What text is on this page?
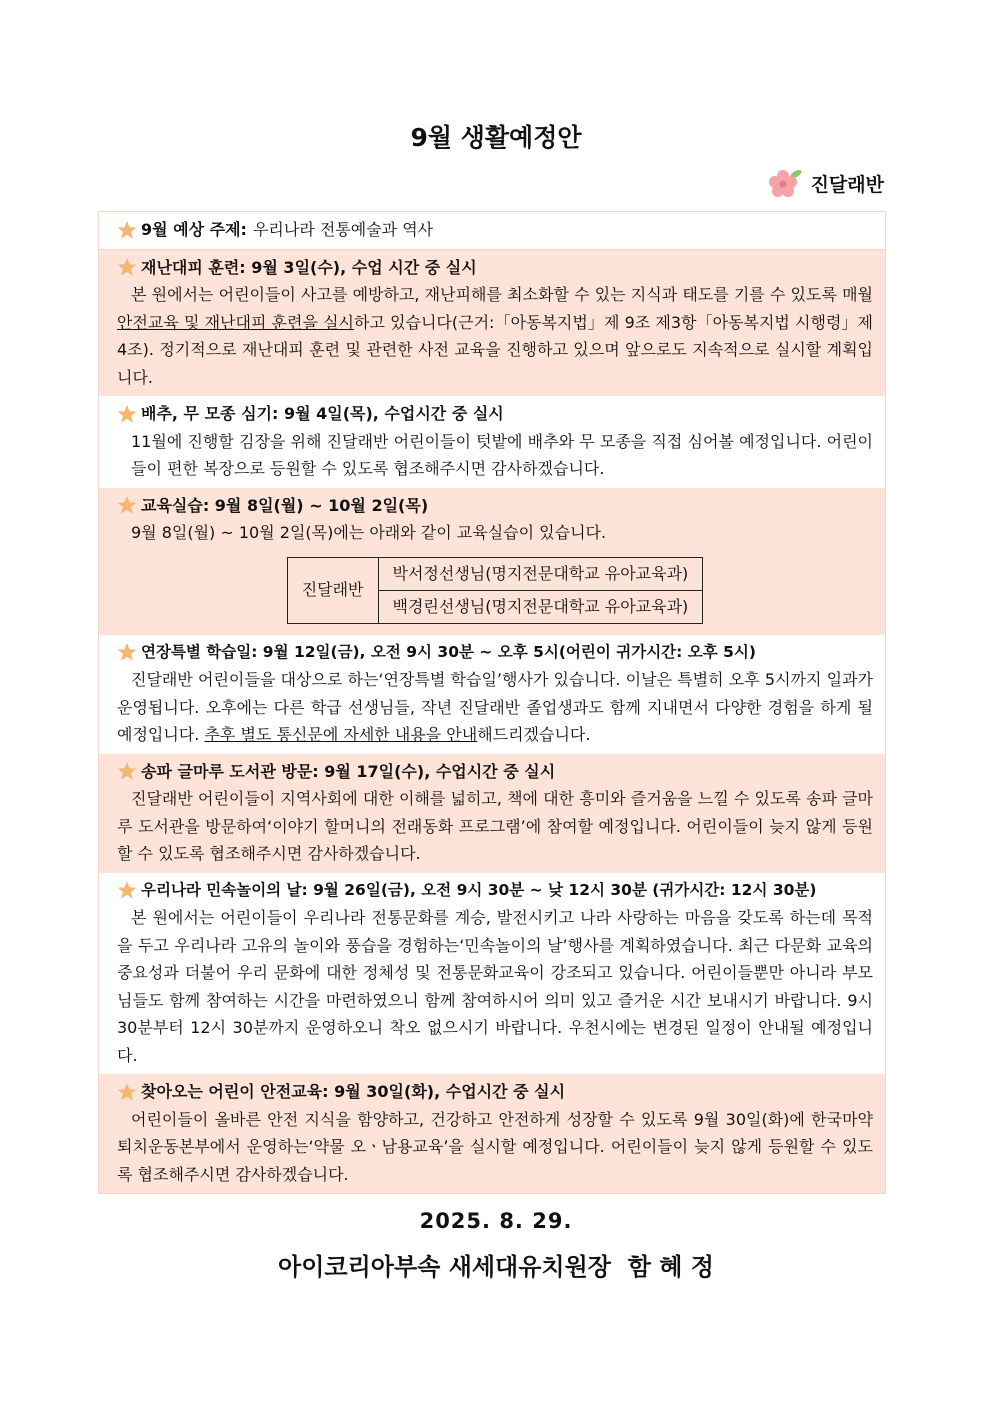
9월 생활예정안
진달래반
9월 예상 주제: 우리나라 전통예술과 역사
재난대피 훈련: 9월 3일(수), 수업 시간 중 실시
본 원에서는 어린이들이 사고를 예방하고, 재난피해를 최소화할 수 있는 지식과 태도를 기를 수 있도록 매월 안전교육 및 재난대피 훈련을 실시하고 있습니다(근거:「아동복지법」제 9조 제3항「아동복지법 시행령」제4조). 정기적으로 재난대피 훈련 및 관련한 사전 교육을 진행하고 있으며 앞으로도 지속적으로 실시할 계획입니다.
배추, 무 모종 심기: 9월 4일(목), 수업시간 중 실시
11월에 진행할 김장을 위해 진달래반 어린이들이 텃밭에 배추와 무 모종을 직접 심어볼 예정입니다. 어린이들이 편한 복장으로 등원할 수 있도록 협조해주시면 감사하겠습니다.
교육실습: 9월 8일(월) ~ 10월 2일(목)
9월 8일(월) ~ 10월 2일(목)에는 아래와 같이 교육실습이 있습니다.
진달래반	박서정선생님(명지전문대학교 유아교육과)
백경린선생님(명지전문대학교 유아교육과)
연장특별 학습일: 9월 12일(금), 오전 9시 30분 ~ 오후 5시(어린이 귀가시간: 오후 5시)
진달래반 어린이들을 대상으로 하는‘연장특별 학습일’행사가 있습니다. 이날은 특별히 오후 5시까지 일과가 운영됩니다. 오후에는 다른 학급 선생님들, 작년 진달래반 졸업생과도 함께 지내면서 다양한 경험을 하게 될 예정입니다. 추후 별도 통신문에 자세한 내용을 안내해드리겠습니다.
송파 글마루 도서관 방문: 9월 17일(수), 수업시간 중 실시
진달래반 어린이들이 지역사회에 대한 이해를 넓히고, 책에 대한 흥미와 즐거움을 느낄 수 있도록 송파 글마루 도서관을 방문하여‘이야기 할머니의 전래동화 프로그램’에 참여할 예정입니다. 어린이들이 늦지 않게 등원할 수 있도록 협조해주시면 감사하겠습니다.
우리나라 민속놀이의 날: 9월 26일(금), 오전 9시 30분 ~ 낮 12시 30분 (귀가시간: 12시 30분)
본 원에서는 어린이들이 우리나라 전통문화를 계승, 발전시키고 나라 사랑하는 마음을 갖도록 하는데 목적을 두고 우리나라 고유의 놀이와 풍습을 경험하는‘민속놀이의 날’행사를 계획하였습니다. 최근 다문화 교육의 중요성과 더불어 우리 문화에 대한 정체성 및 전통문화교육이 강조되고 있습니다. 어린이들뿐만 아니라 부모님들도 함께 참여하는 시간을 마련하였으니 함께 참여하시어 의미 있고 즐거운 시간 보내시기 바랍니다. 9시 30분부터 12시 30분까지 운영하오니 착오 없으시기 바랍니다. 우천시에는 변경된 일정이 안내될 예정입니다.
찾아오는 어린이 안전교육: 9월 30일(화), 수업시간 중 실시
어린이들이 올바른 안전 지식을 함양하고, 건강하고 안전하게 성장할 수 있도록 9월 30일(화)에 한국마약퇴치운동본부에서 운영하는‘약물 오ㆍ남용교육’을 실시할 예정입니다. 어린이들이 늦지 않게 등원할 수 있도록 협조해주시면 감사하겠습니다.
2025. 8. 29.
아이코리아부속 새세대유치원장  함 혜 정
